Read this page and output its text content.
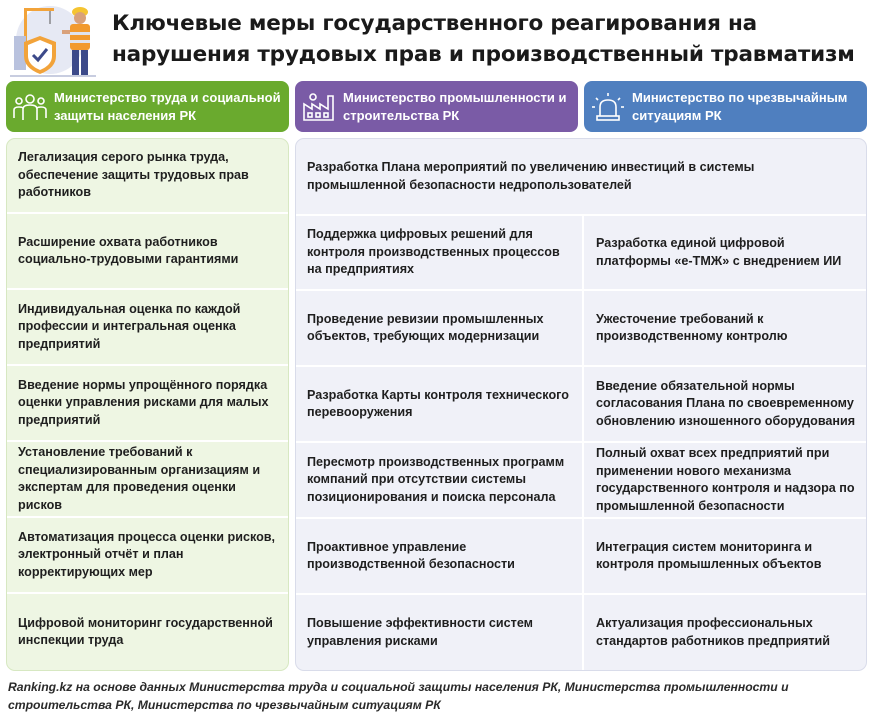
Ключевые меры государственного реагирования на нарушения трудовых прав и производственный травматизм
Министерство труда и социальной защиты населения РК
Министерство промышленности и строительства РК
Министерство по чрезвычайным ситуациям РК
Легализация серого рынка труда, обеспечение защиты трудовых прав работников
Расширение охвата работников социально-трудовыми гарантиями
Индивидуальная оценка по каждой профессии и интегральная оценка предприятий
Введение нормы упрощённого порядка оценки управления рисками для малых предприятий
Установление требований к специализированным организациям и экспертам для проведения оценки рисков
Автоматизация процесса оценки рисков, электронный отчёт и план корректирующих мер
Цифровой мониторинг государственной инспекции труда
Разработка Плана мероприятий по увеличению инвестиций в системы промышленной безопасности недропользователей
Поддержка цифровых решений для контроля производственных процессов на предприятиях
Проведение ревизии промышленных объектов, требующих модернизации
Разработка Карты контроля технического перевооружения
Пересмотр производственных программ компаний при отсутствии системы позиционирования и поиска персонала
Проактивное управление производственной безопасности
Повышение эффективности систем управления рисками
Разработка единой цифровой платформы «е-ТМЖ» с внедрением ИИ
Ужесточение требований к производственному контролю
Введение обязательной нормы согласования Плана по своевременному обновлению изношенного оборудования
Полный охват всех предприятий при применении нового механизма государственного контроля и надзора по промышленной безопасности
Интеграция систем мониторинга и контроля промышленных объектов
Актуализация профессиональных стандартов работников предприятий
Ranking.kz на основе данных Министерства труда и социальной защиты населения РК, Министерства промышленности и строительства РК, Министерства по чрезвычайным ситуациям РК
